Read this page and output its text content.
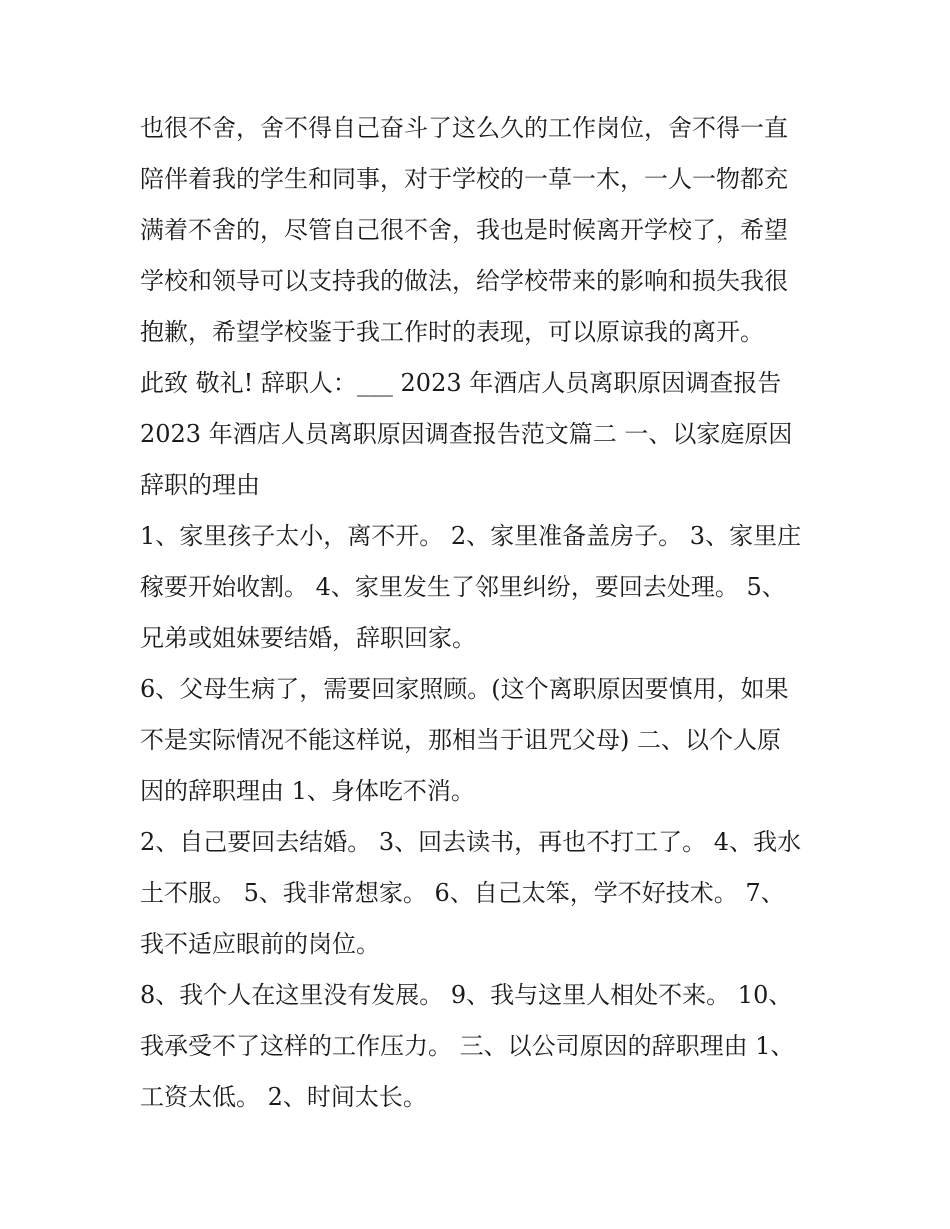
也很不舍，舍不得自己奋斗了这么久的工作岗位，舍不得一直
陪伴着我的学生和同事，对于学校的一草一木，一人一物都充
满着不舍的，尽管自己很不舍，我也是时候离开学校了，希望
学校和领导可以支持我的做法，给学校带来的影响和损失我很
抱歉，希望学校鉴于我工作时的表现，可以原谅我的离开。

此致 敬礼! 辞职人：___ 2023 年酒店人员离职原因调查报告
2023 年酒店人员离职原因调查报告范文篇二 一、以家庭原因
辞职的理由

1、家里孩子太小，离不开。 2、家里准备盖房子。 3、家里庄
稼要开始收割。 4、家里发生了邻里纠纷，要回去处理。 5、
兄弟或姐妹要结婚，辞职回家。

6、父母生病了，需要回家照顾。(这个离职原因要慎用，如果
不是实际情况不能这样说，那相当于诅咒父母) 二、以个人原
因的辞职理由 1、身体吃不消。

2、自己要回去结婚。 3、回去读书，再也不打工了。 4、我水
土不服。 5、我非常想家。 6、自己太笨，学不好技术。 7、
我不适应眼前的岗位。

8、我个人在这里没有发展。 9、我与这里人相处不来。 10、
我承受不了这样的工作压力。 三、以公司原因的辞职理由 1、
工资太低。 2、时间太长。
